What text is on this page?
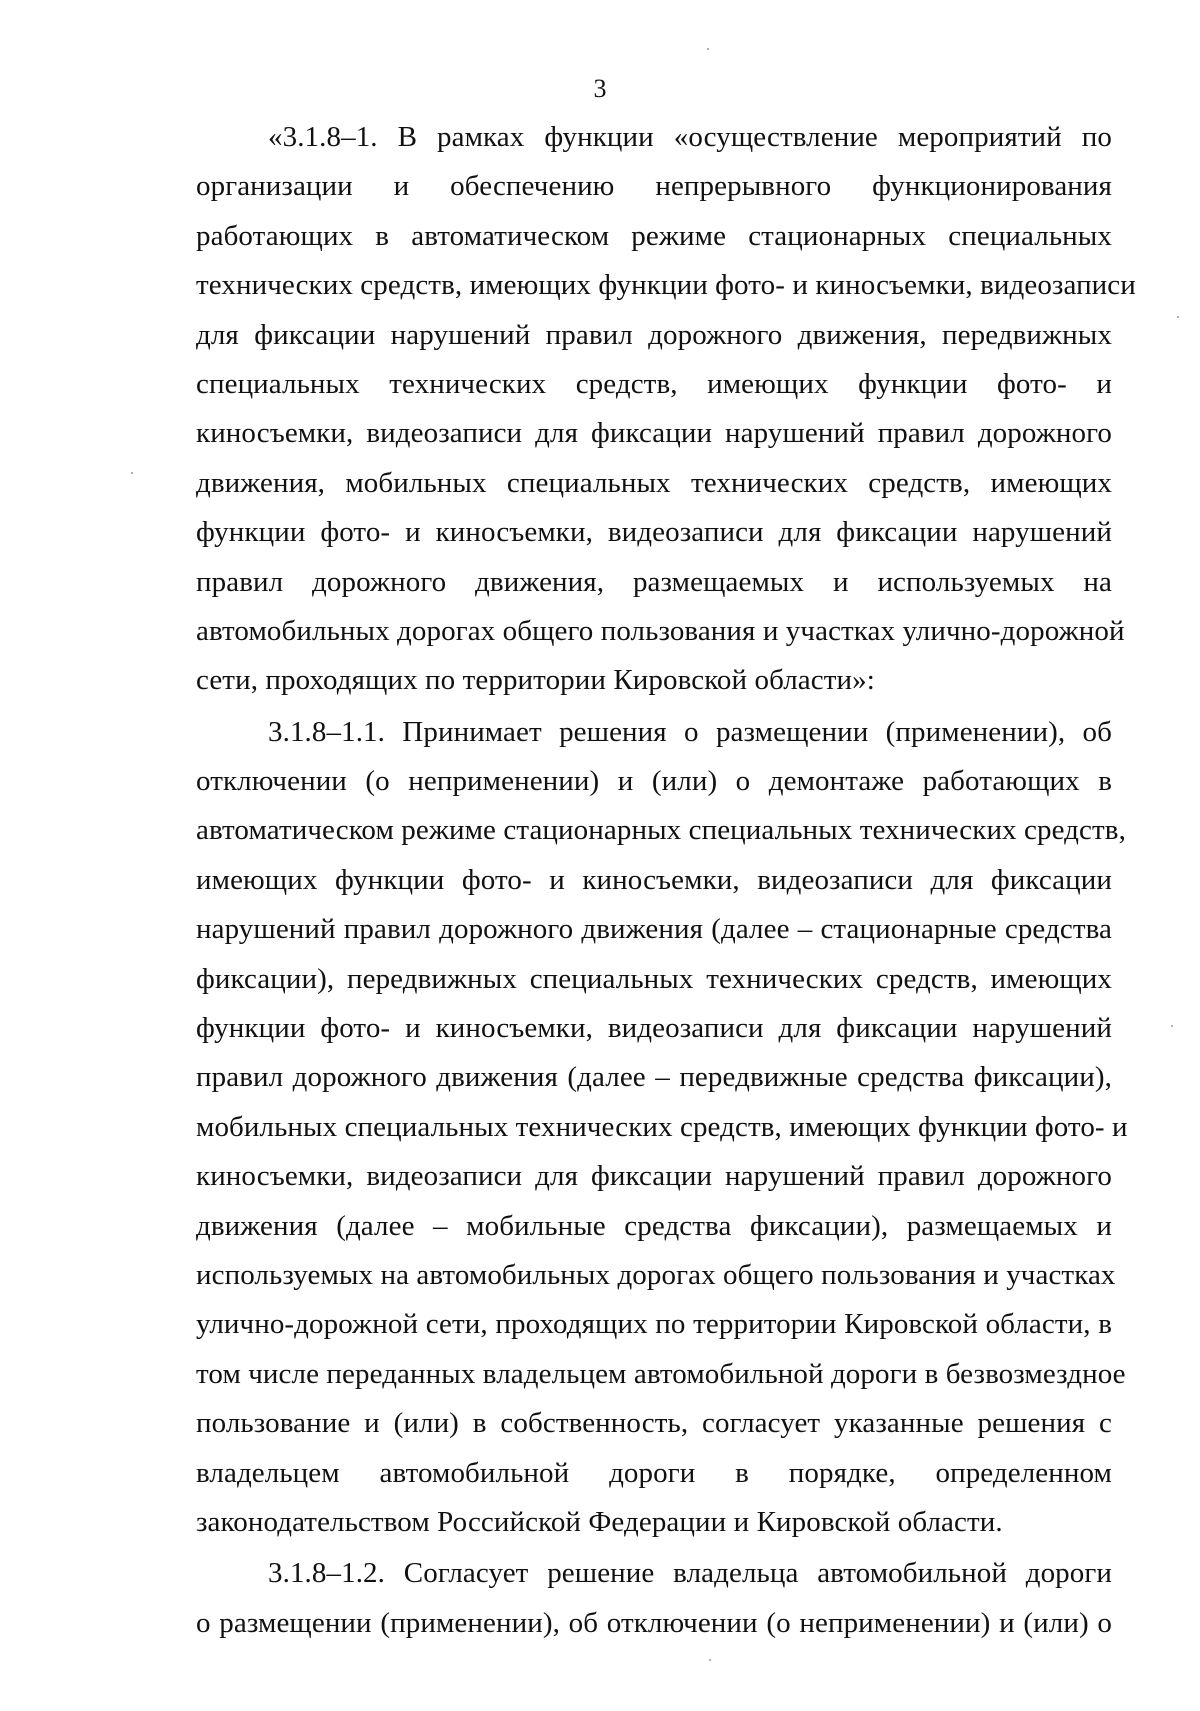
3
«3.1.8–1. В рамках функции «осуществление мероприятий по
организации и обеспечению непрерывного функционирования
работающих в автоматическом режиме стационарных специальных
технических средств, имеющих функции фото- и киносъемки, видеозаписи
для фиксации нарушений правил дорожного движения, передвижных
специальных технических средств, имеющих функции фото- и
киносъемки, видеозаписи для фиксации нарушений правил дорожного
движения, мобильных специальных технических средств, имеющих
функции фото- и киносъемки, видеозаписи для фиксации нарушений
правил дорожного движения, размещаемых и используемых на
автомобильных дорогах общего пользования и участках улично-дорожной
сети, проходящих по территории Кировской области»:
3.1.8–1.1. Принимает решения о размещении (применении), об
отключении (о неприменении) и (или) о демонтаже работающих в
автоматическом режиме стационарных специальных технических средств,
имеющих функции фото- и киносъемки, видеозаписи для фиксации
нарушений правил дорожного движения (далее – стационарные средства
фиксации), передвижных специальных технических средств, имеющих
функции фото- и киносъемки, видеозаписи для фиксации нарушений
правил дорожного движения (далее – передвижные средства фиксации),
мобильных специальных технических средств, имеющих функции фото- и
киносъемки, видеозаписи для фиксации нарушений правил дорожного
движения (далее – мобильные средства фиксации), размещаемых и
используемых на автомобильных дорогах общего пользования и участках
улично-дорожной сети, проходящих по территории Кировской области, в
том числе переданных владельцем автомобильной дороги в безвозмездное
пользование и (или) в собственность, согласует указанные решения с
владельцем автомобильной дороги в порядке, определенном
законодательством Российской Федерации и Кировской области.
3.1.8–1.2. Согласует решение владельца автомобильной дороги
о размещении (применении), об отключении (о неприменении) и (или) о
